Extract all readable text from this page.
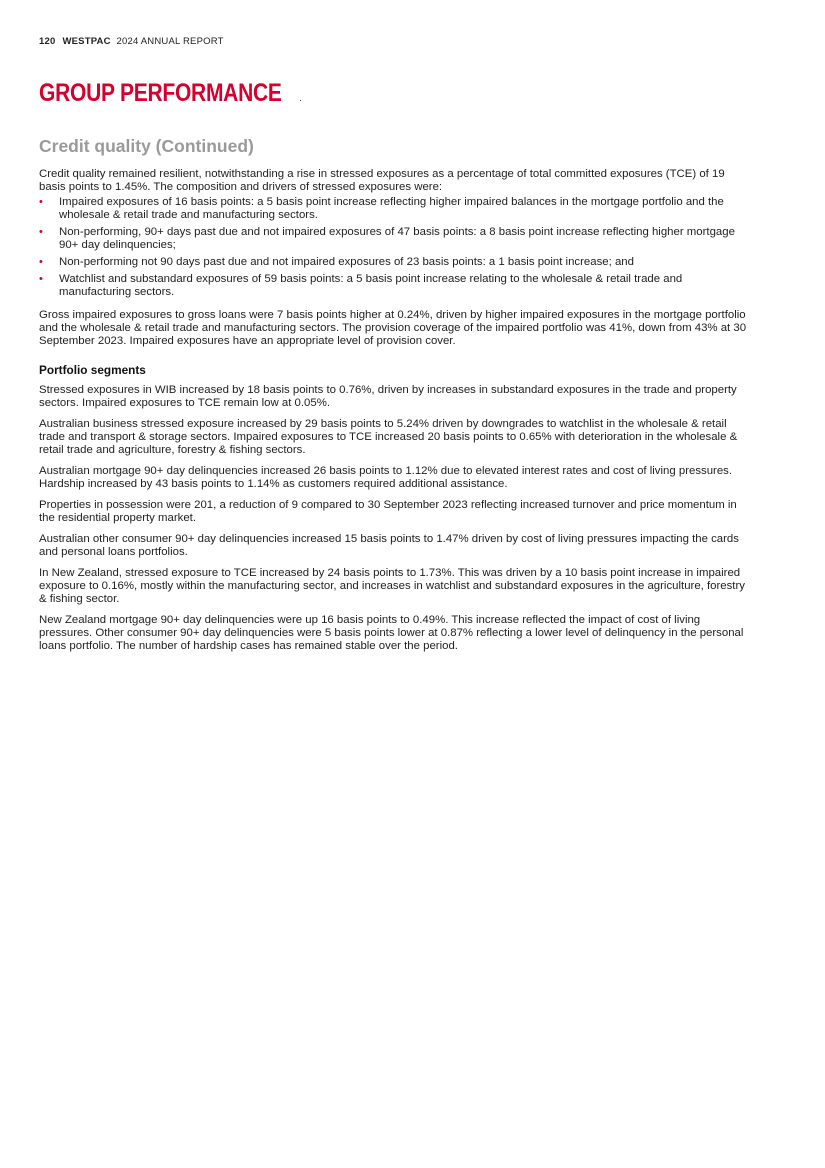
120 WESTPAC 2024 ANNUAL REPORT
GROUP PERFORMANCE
Credit quality (Continued)

Credit quality remained resilient, notwithstanding a rise in stressed exposures as a percentage of total committed exposures (TCE) of 19 basis points to 1.45%. The composition and drivers of stressed exposures were:

• Impaired exposures of 16 basis points: a 5 basis point increase reflecting higher impaired balances in the mortgage portfolio and the wholesale & retail trade and manufacturing sectors.
• Non-performing, 90+ days past due and not impaired exposures of 47 basis points: a 8 basis point increase reflecting higher mortgage 90+ day delinquencies;
• Non-performing not 90 days past due and not impaired exposures of 23 basis points: a 1 basis point increase; and
• Watchlist and substandard exposures of 59 basis points: a 5 basis point increase relating to the wholesale & retail trade and manufacturing sectors.

Gross impaired exposures to gross loans were 7 basis points higher at 0.24%, driven by higher impaired exposures in the mortgage portfolio and the wholesale & retail trade and manufacturing sectors. The provision coverage of the impaired portfolio was 41%, down from 43% at 30 September 2023. Impaired exposures have an appropriate level of provision cover.

Portfolio segments

Stressed exposures in WIB increased by 18 basis points to 0.76%, driven by increases in substandard exposures in the trade and property sectors. Impaired exposures to TCE remain low at 0.05%.

Australian business stressed exposure increased by 29 basis points to 5.24% driven by downgrades to watchlist in the wholesale & retail trade and transport & storage sectors. Impaired exposures to TCE increased 20 basis points to 0.65% with deterioration in the wholesale & retail trade and agriculture, forestry & fishing sectors.

Australian mortgage 90+ day delinquencies increased 26 basis points to 1.12% due to elevated interest rates and cost of living pressures. Hardship increased by 43 basis points to 1.14% as customers required additional assistance.

Properties in possession were 201, a reduction of 9 compared to 30 September 2023 reflecting increased turnover and price momentum in the residential property market.

Australian other consumer 90+ day delinquencies increased 15 basis points to 1.47% driven by cost of living pressures impacting the cards and personal loans portfolios.

In New Zealand, stressed exposure to TCE increased by 24 basis points to 1.73%. This was driven by a 10 basis point increase in impaired exposure to 0.16%, mostly within the manufacturing sector, and increases in watchlist and substandard exposures in the agriculture, forestry & fishing sector.

New Zealand mortgage 90+ day delinquencies were up 16 basis points to 0.49%. This increase reflected the impact of cost of living pressures. Other consumer 90+ day delinquencies were 5 basis points lower at 0.87% reflecting a lower level of delinquency in the personal loans portfolio. The number of hardship cases has remained stable over the period.
